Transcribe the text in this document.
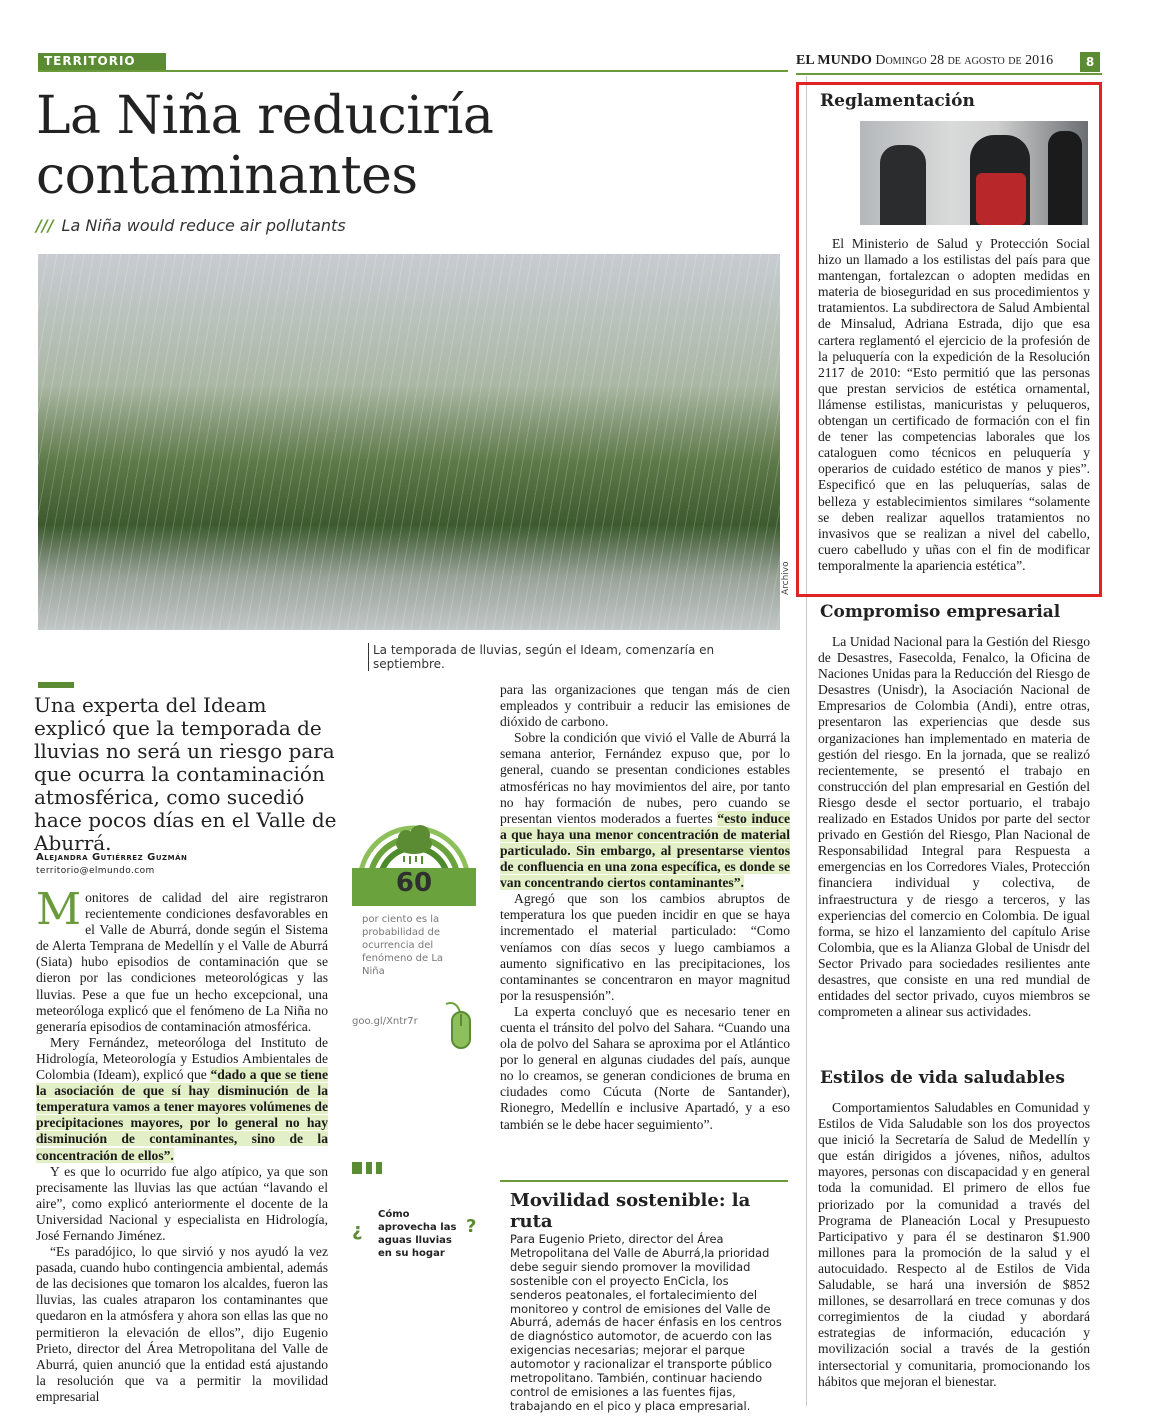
TERRITORIO	EL MUNDO Domingo 28 de agosto de 2016	8
La Niña reduciría
contaminantes
/// La Niña would reduce air pollutants
Archivo
La temporada de lluvias, según el Ideam, comenzaría en septiembre.
Una experta del Ideam explicó que la temporada de lluvias no será un riesgo para que ocurra la contaminación atmosférica, como sucedió hace pocos días en el Valle de Aburrá.
Alejandra Gutiérrez Guzmán
territorio@elmundo.com

Monitores de calidad del aire registraron recientemente condiciones desfavorables en el Valle de Aburrá, donde según el Sistema de Alerta Temprana de Medellín y el Valle de Aburrá (Siata) hubo episodios de contaminación que se dieron por las condiciones meteorológicas y las lluvias. Pese a que fue un hecho excepcional, una meteoróloga explicó que el fenómeno de La Niña no generaría episodios de contaminación atmosférica.

Mery Fernández, meteoróloga del Instituto de Hidrología, Meteorología y Estudios Ambientales de Colombia (Ideam), explicó que “dado a que se tiene la asociación de que sí hay disminución de la temperatura vamos a tener mayores volúmenes de precipitaciones mayores, por lo general no hay disminución de contaminantes, sino de la concentración de ellos”.

Y es que lo ocurrido fue algo atípico, ya que son precisamente las lluvias las que actúan “lavando el aire”, como explicó anteriormente el docente de la Universidad Nacional y especialista en Hidrología, José Fernando Jiménez.

“Es paradójico, lo que sirvió y nos ayudó la vez pasada, cuando hubo contingencia ambiental, además de las decisiones que tomaron los alcaldes, fueron las lluvias, las cuales atraparon los contaminantes que quedaron en la atmósfera y ahora son ellas las que no permitieron la elevación de ellos”, dijo Eugenio Prieto, director del Área Metropolitana del Valle de Aburrá, quien anunció que la entidad está ajustando la resolución que va a permitir la movilidad empresarial

60
por ciento es la probabilidad de ocurrencia del fenómeno de La Niña
goo.gl/Xntr7r
¿
Cómo aprovecha las aguas lluvias en su hogar
?

para las organizaciones que tengan más de cien empleados y contribuir a reducir las emisiones de dióxido de carbono.

Sobre la condición que vivió el Valle de Aburrá la semana anterior, Fernández expuso que, por lo general, cuando se presentan condiciones estables atmosféricas no hay movimientos del aire, por tanto no hay formación de nubes, pero cuando se presentan vientos moderados a fuertes “esto induce a que haya una menor concentración de material particulado. Sin embargo, al presentarse vientos de confluencia en una zona específica, es donde se van concentrando ciertos contaminantes”.

Agregó que son los cambios abruptos de temperatura los que pueden incidir en que se haya incrementado el material particulado: “Como veníamos con días secos y luego cambiamos a aumento significativo en las precipitaciones, los contaminantes se concentraron en mayor magnitud por la resuspensión”.

La experta concluyó que es necesario tener en cuenta el tránsito del polvo del Sahara. “Cuando una ola de polvo del Sahara se aproxima por el Atlántico por lo general en algunas ciudades del país, aunque no lo creamos, se generan condiciones de bruma en ciudades como Cúcuta (Norte de Santander), Rionegro, Medellín e inclusive Apartadó, y a eso también se le debe hacer seguimiento”.

Movilidad sostenible: la ruta
Para Eugenio Prieto, director del Área Metropolitana del Valle de Aburrá,la prioridad debe seguir siendo promover la movilidad sostenible con el proyecto EnCicla, los senderos peatonales, el fortalecimiento del monitoreo y control de emisiones del Valle de Aburrá, además de hacer énfasis en los centros de diagnóstico automotor, de acuerdo con las exigencias necesarias; mejorar el parque automotor y racionalizar el transporte público metropolitano. También, continuar haciendo control de emisiones a las fuentes fijas, trabajando en el pico y placa empresarial.
Reglamentación

El Ministerio de Salud y Protección Social hizo un llamado a los estilistas del país para que mantengan, fortalezcan o adopten medidas en materia de bioseguridad en sus procedimientos y tratamientos. La subdirectora de Salud Ambiental de Minsalud, Adriana Estrada, dijo que esa cartera reglamentó el ejercicio de la profesión de la peluquería con la expedición de la Resolución 2117 de 2010: “Esto permitió que las personas que prestan servicios de estética ornamental, llámense estilistas, manicuristas y peluqueros, obtengan un certificado de formación con el fin de tener las competencias laborales que los cataloguen como técnicos en peluquería y operarios de cuidado estético de manos y pies”. Especificó que en las peluquerías, salas de belleza y establecimientos similares “solamente se deben realizar aquellos tratamientos no invasivos que se realizan a nivel del cabello, cuero cabelludo y uñas con el fin de modificar temporalmente la apariencia estética”.

Compromiso empresarial

La Unidad Nacional para la Gestión del Riesgo de Desastres, Fasecolda, Fenalco, la Oficina de Naciones Unidas para la Reducción del Riesgo de Desastres (Unisdr), la Asociación Nacional de Empresarios de Colombia (Andi), entre otras, presentaron las experiencias que desde sus organizaciones han implementado en materia de gestión del riesgo. En la jornada, que se realizó recientemente, se presentó el trabajo en construcción del plan empresarial en Gestión del Riesgo desde el sector portuario, el trabajo realizado en Estados Unidos por parte del sector privado en Gestión del Riesgo, Plan Nacional de Responsabilidad Integral para Respuesta a emergencias en los Corredores Viales, Protección financiera individual y colectiva, de infraestructura y de riesgo a terceros, y las experiencias del comercio en Colombia. De igual forma, se hizo el lanzamiento del capítulo Arise Colombia, que es la Alianza Global de Unisdr del Sector Privado para sociedades resilientes ante desastres, que consiste en una red mundial de entidades del sector privado, cuyos miembros se comprometen a alinear sus actividades.

Estilos de vida saludables

Comportamientos Saludables en Comunidad y Estilos de Vida Saludable son los dos proyectos que inició la Secretaría de Salud de Medellín y que están dirigidos a jóvenes, niños, adultos mayores, personas con discapacidad y en general toda la comunidad. El primero de ellos fue priorizado por la comunidad a través del Programa de Planeación Local y Presupuesto Participativo y para él se destinaron $1.900 millones para la promoción de la salud y el autocuidado. Respecto al de Estilos de Vida Saludable, se hará una inversión de $852 millones, se desarrollará en trece comunas y dos corregimientos de la ciudad y abordará estrategias de información, educación y movilización social a través de la gestión intersectorial y comunitaria, promocionando los hábitos que mejoran el bienestar.
